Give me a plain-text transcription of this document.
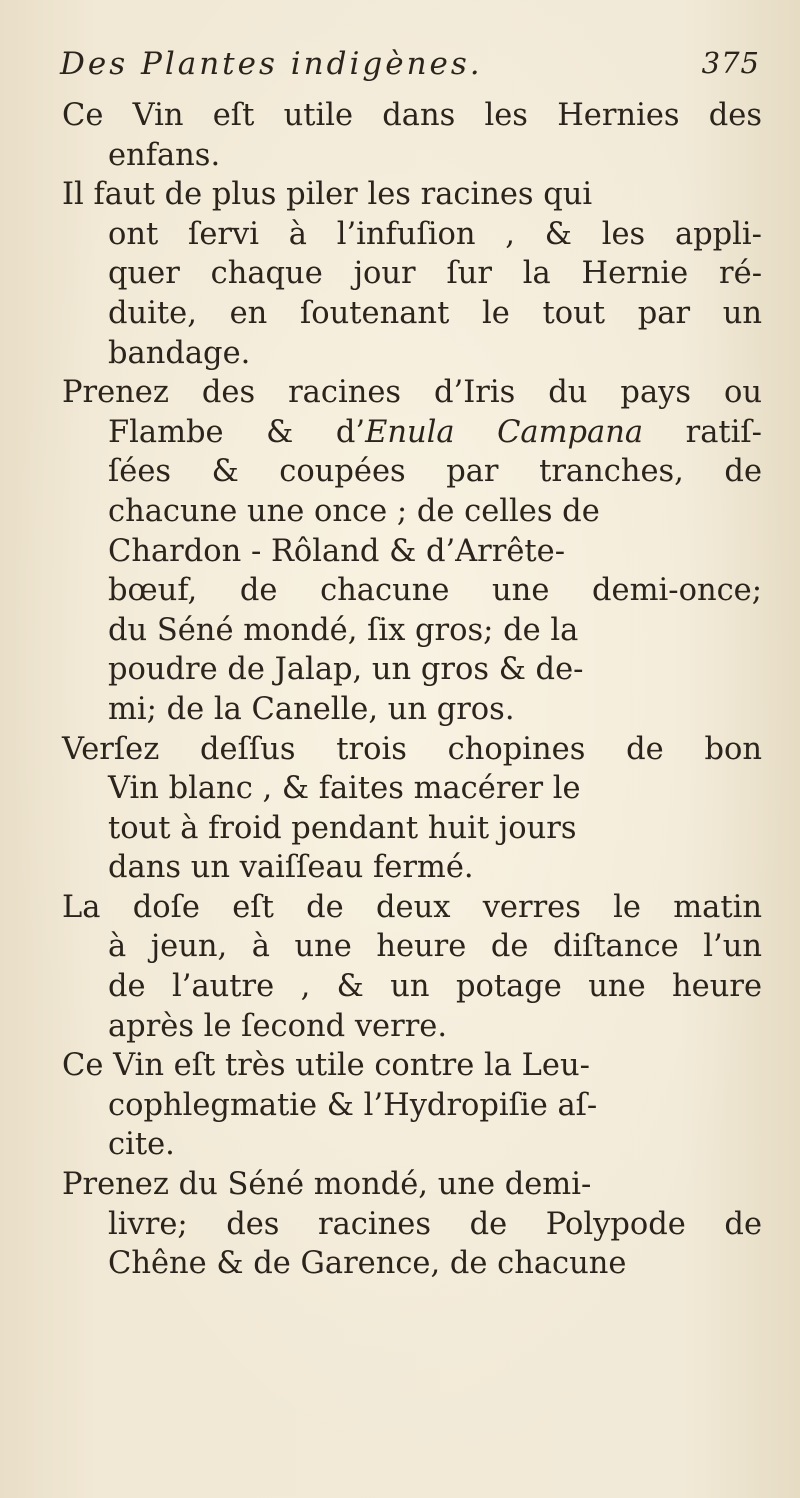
Des Plantes indigènes.	375
Ce Vin eſt utile dans les Hernies des
enfans.
Il faut de plus piler les racines qui
ont ſervi à l’infuſion , & les appli-
quer chaque jour ſur la Hernie ré-
duite, en ſoutenant le tout par un
bandage.
Prenez des racines d’Iris du pays ou
Flambe & d’Enula Campana ratiſ-
ſées & coupées par tranches, de
chacune une once ; de celles de
Chardon - Rôland & d’Arrête-
bœuf, de chacune une demi-once;
du Séné mondé, ſix gros; de la
poudre de Jalap, un gros & de-
mi; de la Canelle, un gros.
Verſez deſſus trois chopines de bon
Vin blanc , & faites macérer le
tout à froid pendant huit jours
dans un vaiſſeau fermé.
La doſe eſt de deux verres le matin
à jeun, à une heure de diſtance l’un
de l’autre , & un potage une heure
après le ſecond verre.
Ce Vin eſt très utile contre la Leu-
cophlegmatie & l’Hydropiſie aſ-
cite.
Prenez du Séné mondé, une demi-
livre; des racines de Polypode de
Chêne & de Garence, de chacune
